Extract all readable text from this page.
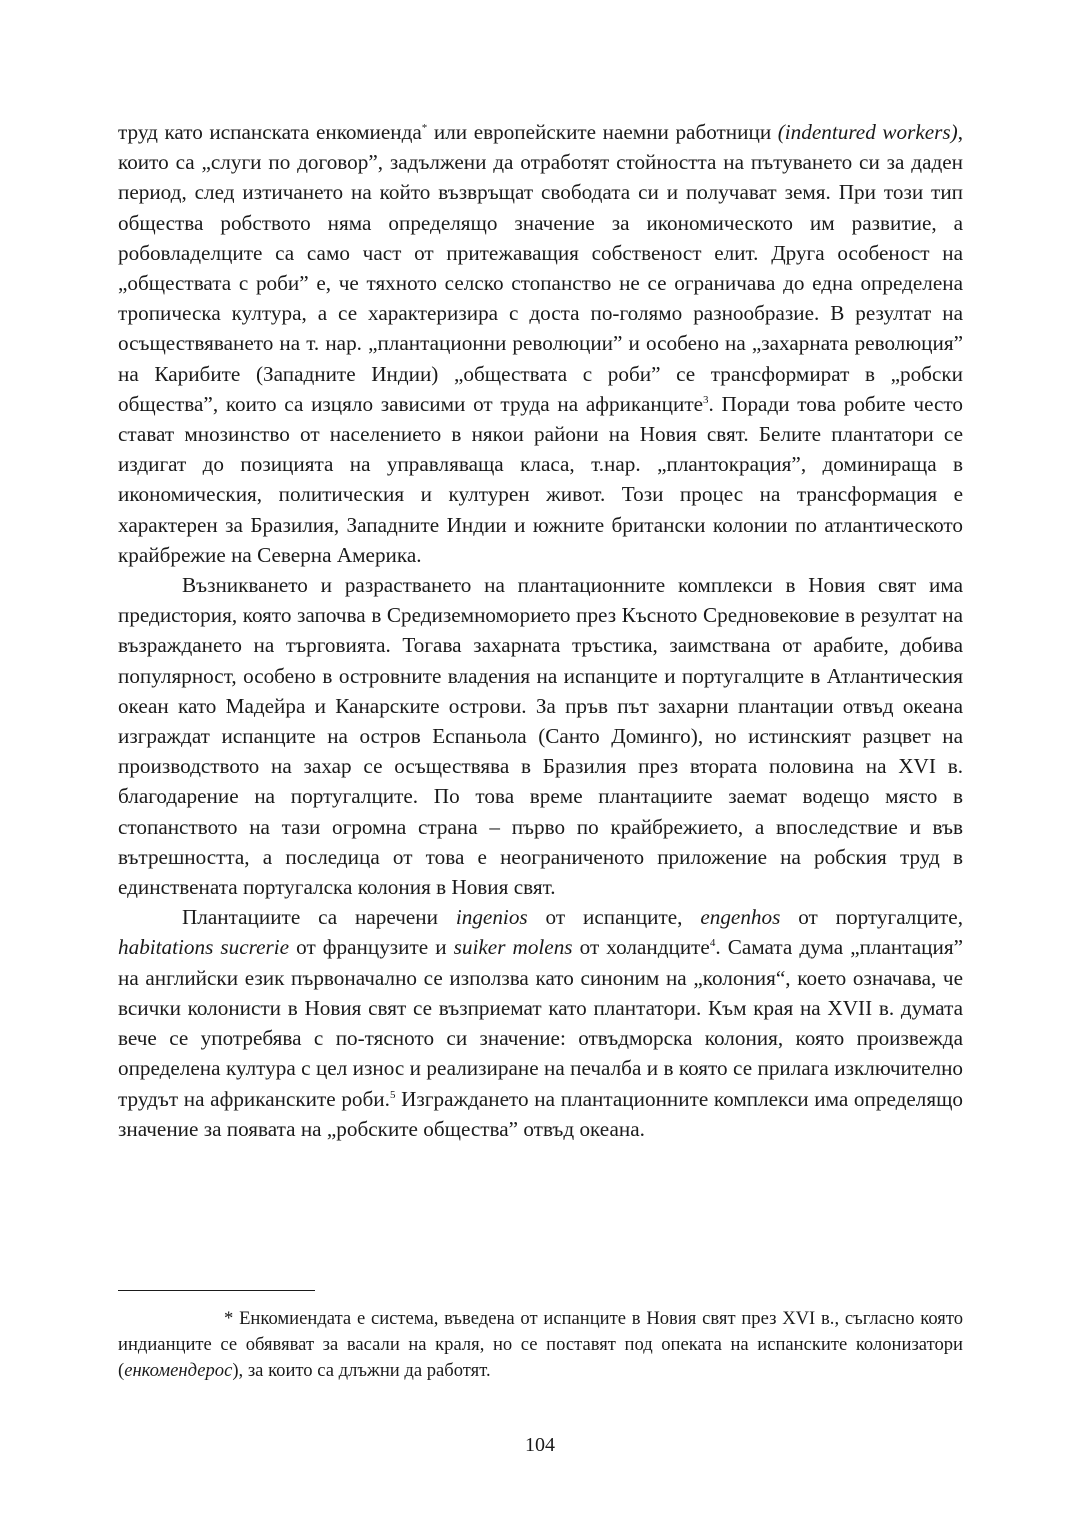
труд като испанската енкомиенда* или европейските наемни работници (indentured workers), които са „слуги по договор”, задължени да отработят стойността на пътуването си за даден период, след изтичането на който възвръщат свободата си и получават земя. При този тип общества робството няма определящо значение за икономическото им развитие, а робовладелците са само част от притежаващия собственост елит. Друга особеност на „обществата с роби” е, че тяхното селско стопанство не се ограничава до една определена тропическа култура, а се характеризира с доста по-голямо разнообразие. В резултат на осъществяването на т. нар. „плантационни революции” и особено на „захарната революция” на Карибите (Западните Индии) „обществата с роби” се трансформират в „робски общества”, които са изцяло зависими от труда на африканците$^3$. Поради това робите често стават мнозинство от населението в някои райони на Новия свят. Белите плантатори се издигат до позицията на управляваща класа, т.нар. „плантокрация”, доминираща в икономическия, политическия и културен живот. Този процес на трансформация е характерен за Бразилия, Западните Индии и южните британски колонии по атлантическото крайбрежие на Северна Америка.

Възникването и разрастването на плантационните комплекси в Новия свят има предистория, която започва в Средиземноморието през Късното Средновековие в резултат на възраждането на търговията. Тогава захарната тръстика, заимствана от арабите, добива популярност, особено в островните владения на испанците и португалците в Атлантическия океан като Мадейра и Канарските острови. За пръв път захарни плантации отвъд океана изграждат испанците на остров Еспаньола (Санто Доминго), но истинският разцвет на производството на захар се осъществява в Бразилия през втората половина на XVI в. благодарение на португалците. По това време плантациите заемат водещо място в стопанството на тази огромна страна – първо по крайбрежието, а впоследствие и във вътрешността, а последица от това е неограниченото приложение на робския труд в единствената португалска колония в Новия свят.

Плантациите са наречени ingenios от испанците, engenhos от португалците, habitations sucrerie от французите и suiker molens от холандците$^4$. Самата дума „плантация” на английски език първоначално се използва като синоним на „колония“, което означава, че всички колонисти в Новия свят се възприемат като плантатори. Към края на XVII в. думата вече се употребява с по-тясното си значение: отвъдморска колония, която произвежда определена култура с цел износ и реализиране на печалба и в която се прилага изключително трудът на африканските роби.$^5$ Изграждането на плантационните комплекси има определящо значение за появата на „робските общества” отвъд океана.

* Енкомиендата е система, въведена от испанците в Новия свят през XVI в., съгласно която индианците се обявяват за васали на краля, но се поставят под опеката на испанските колонизатори (енкомендерос), за които са длъжни да работят.

104
